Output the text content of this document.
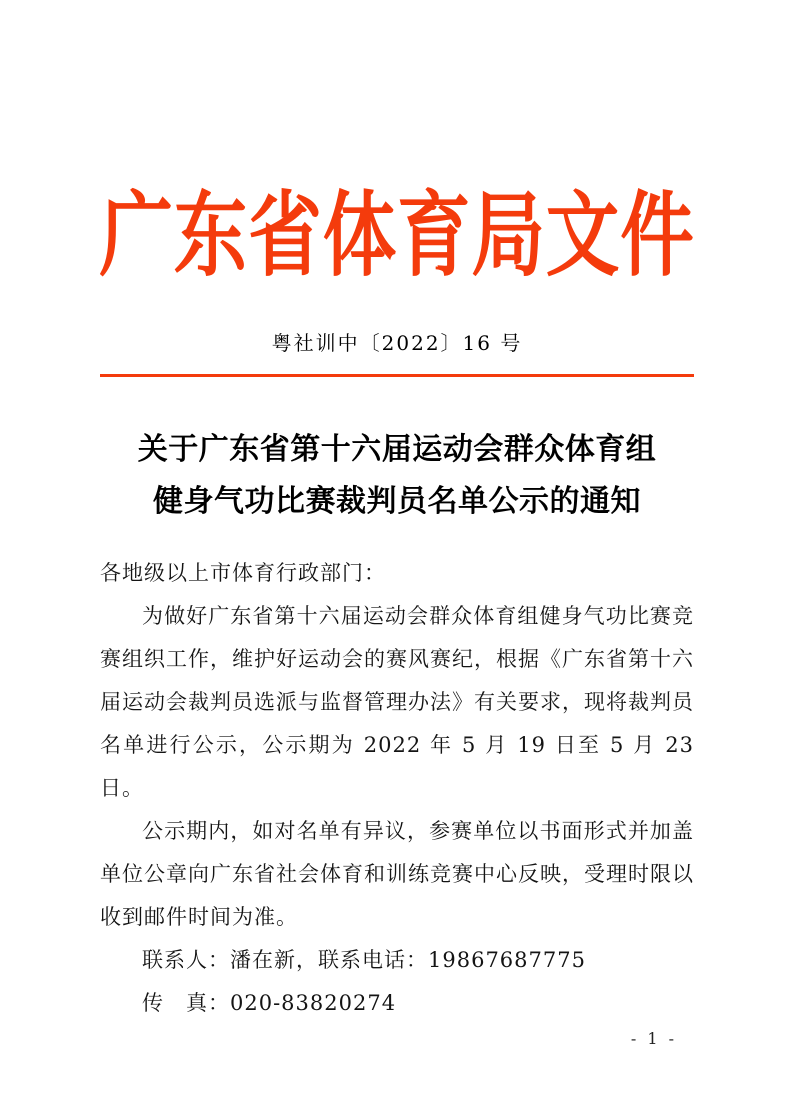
广东省体育局文件
粤社训中〔2022〕16 号
关于广东省第十六届运动会群众体育组
健身气功比赛裁判员名单公示的通知
各地级以上市体育行政部门：

为做好广东省第十六届运动会群众体育组健身气功比赛竞赛组织工作，维护好运动会的赛风赛纪，根据《广东省第十六届运动会裁判员选派与监督管理办法》有关要求，现将裁判员名单进行公示，公示期为 2022 年 5 月 19 日至 5 月 23 日。

公示期内，如对名单有异议，参赛单位以书面形式并加盖单位公章向广东省社会体育和训练竞赛中心反映，受理时限以收到邮件时间为准。

联系人：潘在新，联系电话：19867687775
传　真：020-83820274
- 1 -
